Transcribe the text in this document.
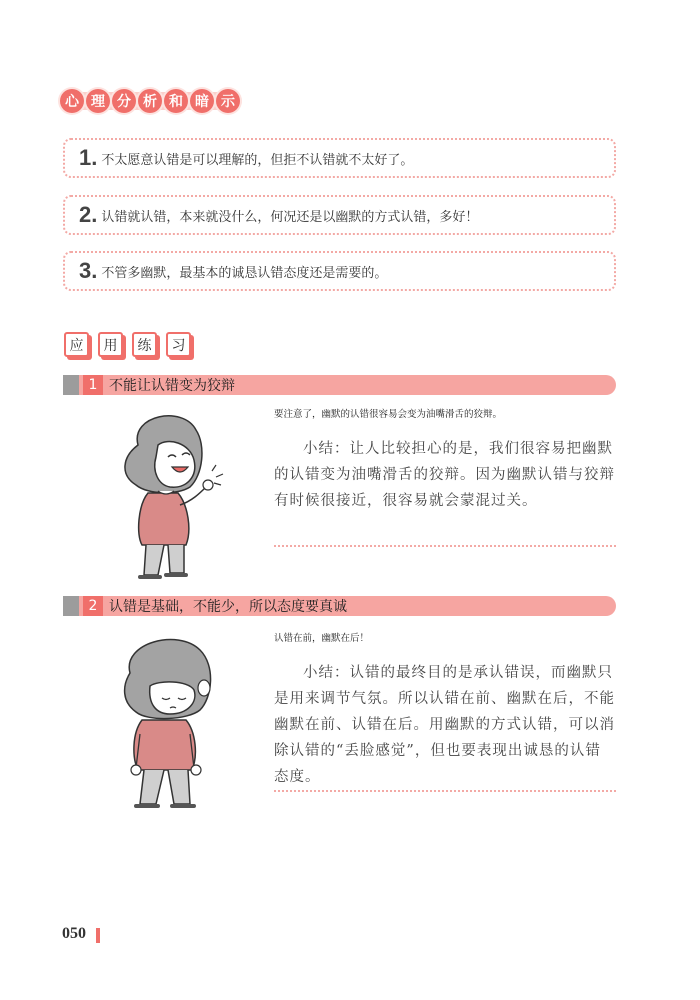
心 理 分 析 和 暗 示
1. 不太愿意认错是可以理解的，但拒不认错就不太好了。
2. 认错就认错，本来就没什么，何况还是以幽默的方式认错，多好！
3. 不管多幽默，最基本的诚恳认错态度还是需要的。
应	用	练	习
1 不能让认错变为狡辩
要注意了，幽默的认错很容易会变为油嘴滑舌的狡辩。
小结：让人比较担心的是，我们很容易把幽默的认错变为油嘴滑舌的狡辩。因为幽默认错与狡辩有时候很接近，很容易就会蒙混过关。
2 认错是基础，不能少，所以态度要真诚
认错在前，幽默在后！
小结：认错的最终目的是承认错误，而幽默只是用来调节气氛。所以认错在前、幽默在后，不能幽默在前、认错在后。用幽默的方式认错，可以消除认错的“丢脸感觉”，但也要表现出诚恳的认错态度。
050
